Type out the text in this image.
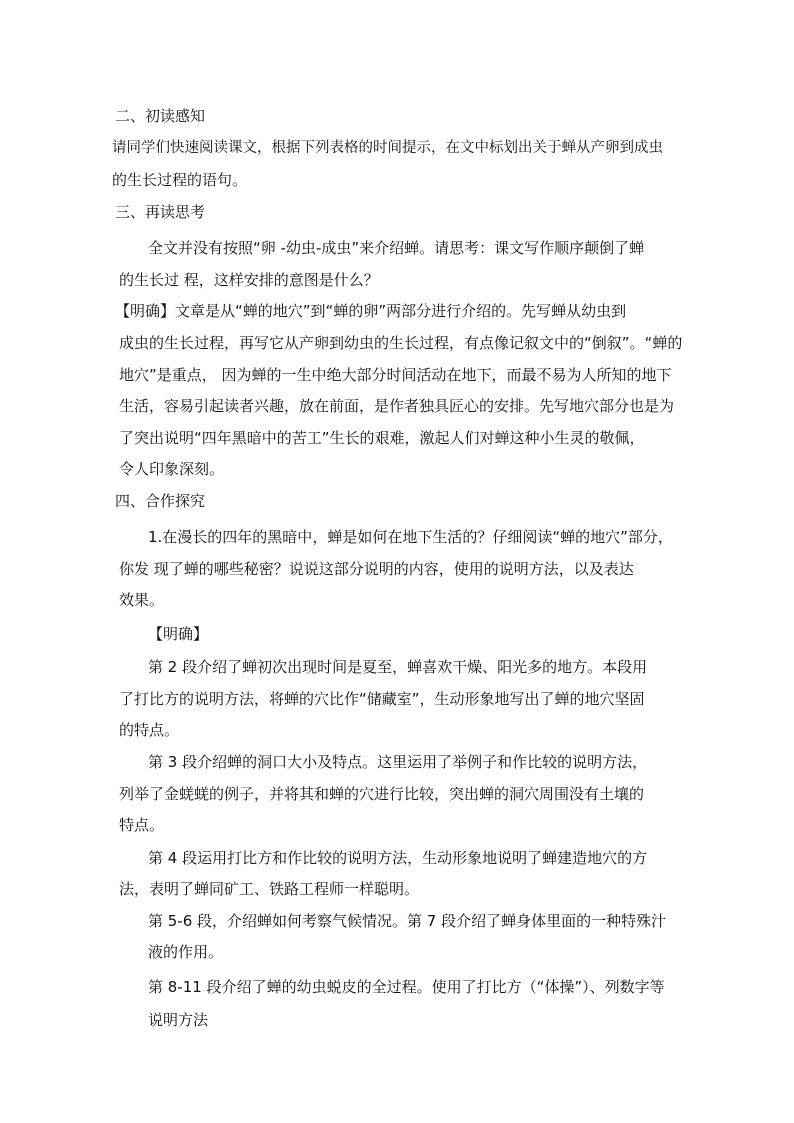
二、初读感知
请同学们快速阅读课文，根据下列表格的时间提示，在文中标划出关于蝉从产卵到成虫
的生长过程的语句。
三、再读思考
全文并没有按照“卵 -幼虫-成虫”来介绍蝉。请思考：课文写作顺序颠倒了蝉
的生长过 程，这样安排的意图是什么？
【明确】文章是从“蝉的地穴”到“蝉的卵”两部分进行介绍的。先写蝉从幼虫到
成虫的生长过程，再写它从产卵到幼虫的生长过程，有点像记叙文中的“倒叙”。“蝉的
地穴”是重点， 因为蝉的一生中绝大部分时间活动在地下，而最不易为人所知的地下
生活，容易引起读者兴趣，放在前面，是作者独具匠心的安排。先写地穴部分也是为
了突出说明“四年黑暗中的苦工”生长的艰难，激起人们对蝉这种小生灵的敬佩，
令人印象深刻。
四、合作探究
1.在漫长的四年的黑暗中，蝉是如何在地下生活的？仔细阅读“蝉的地穴”部分，
你发 现了蝉的哪些秘密？说说这部分说明的内容，使用的说明方法，以及表达
效果。
【明确】
第 2 段介绍了蝉初次出现时间是夏至，蝉喜欢干燥、阳光多的地方。本段用
了打比方的说明方法，将蝉的穴比作“储藏室”，生动形象地写出了蝉的地穴坚固
的特点。
第 3 段介绍蝉的洞口大小及特点。这里运用了举例子和作比较的说明方法，
列举了金蜣蜣的例子，并将其和蝉的穴进行比较，突出蝉的洞穴周围没有土壤的
特点。
第 4 段运用打比方和作比较的说明方法，生动形象地说明了蝉建造地穴的方
法，表明了蝉同矿工、铁路工程师一样聪明。
第 5-6 段，介绍蝉如何考察气候情况。第 7 段介绍了蝉身体里面的一种特殊汁
液的作用。
第 8-11 段介绍了蝉的幼虫蜕皮的全过程。使用了打比方（“体操”）、列数字等
说明方法
